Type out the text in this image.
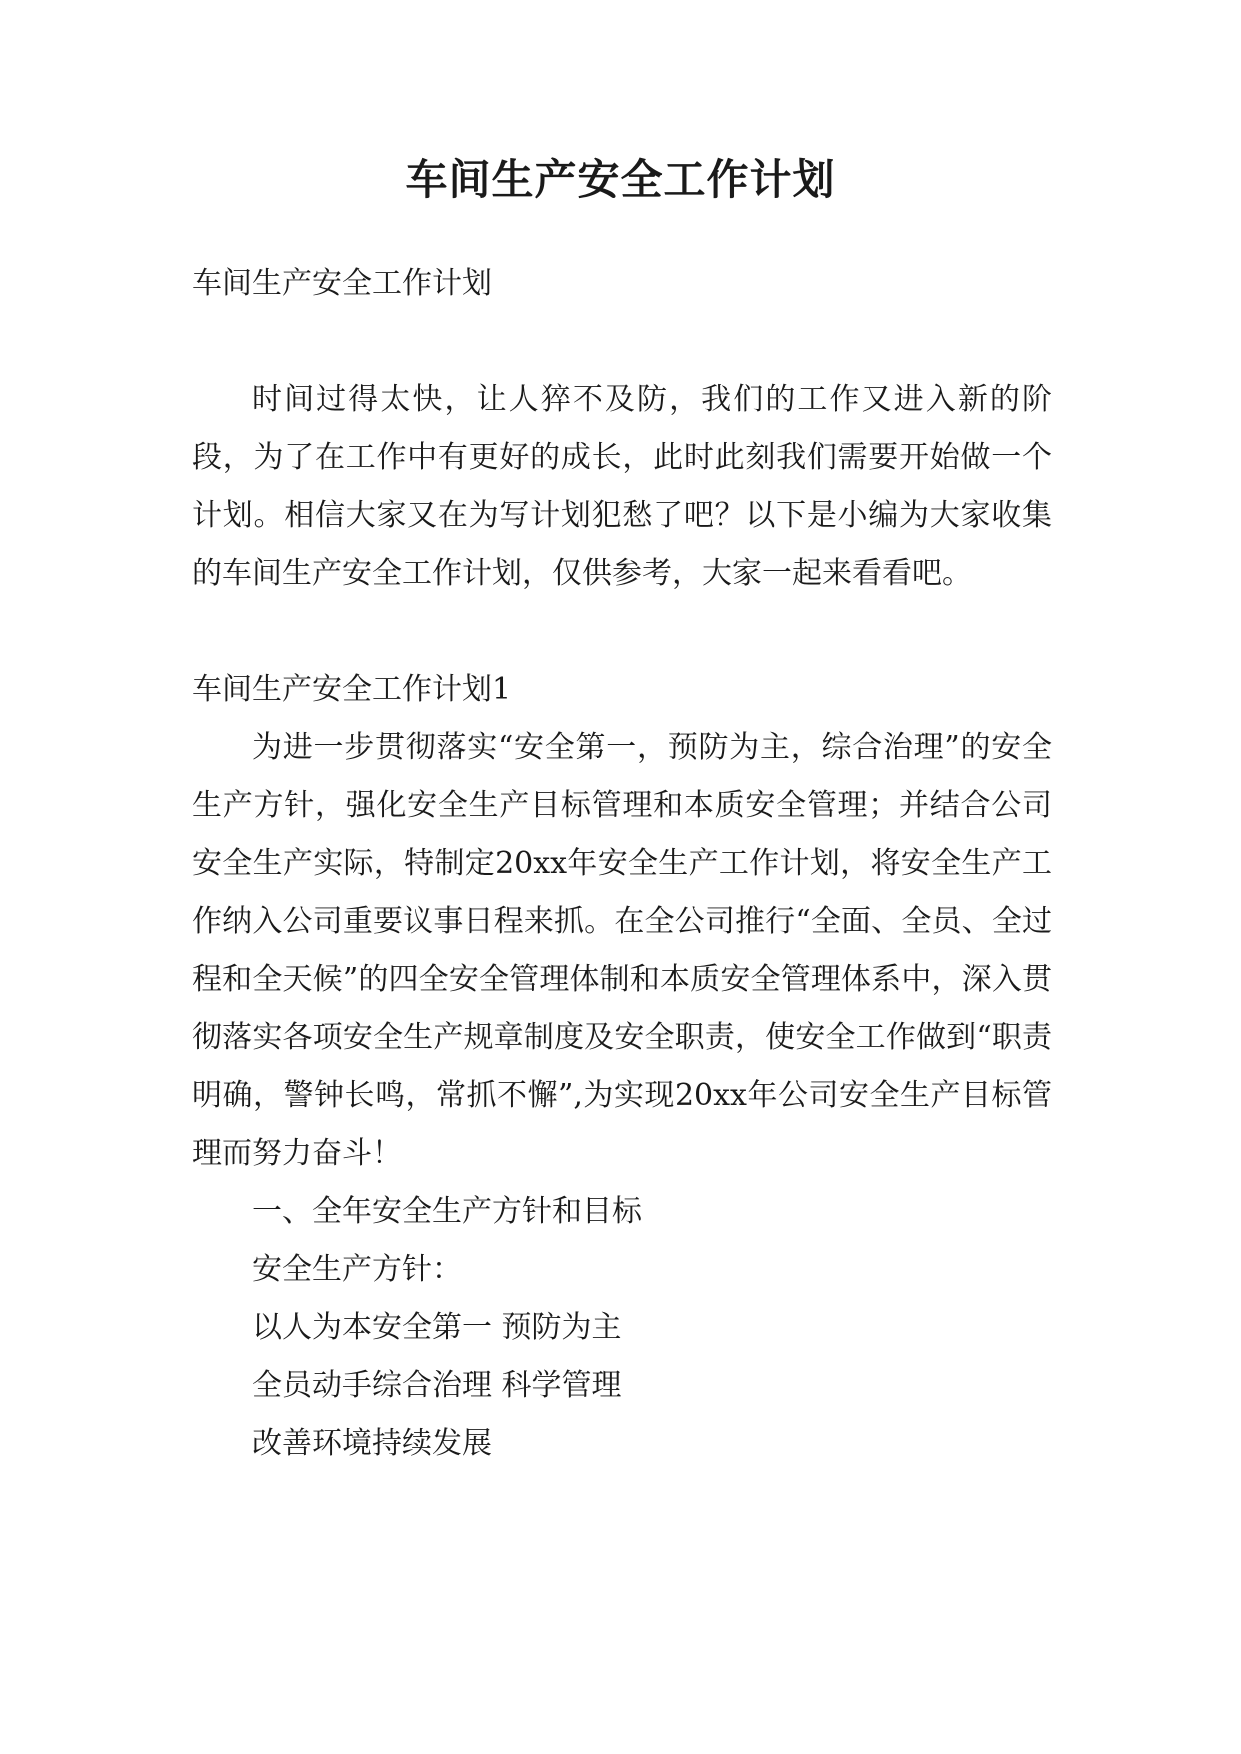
车间生产安全工作计划

车间生产安全工作计划

时间过得太快，让人猝不及防，我们的工作又进入新的阶段，为了在工作中有更好的成长，此时此刻我们需要开始做一个计划。相信大家又在为写计划犯愁了吧？以下是小编为大家收集的车间生产安全工作计划，仅供参考，大家一起来看看吧。

车间生产安全工作计划1

为进一步贯彻落实“安全第一，预防为主，综合治理”的安全生产方针，强化安全生产目标管理和本质安全管理；并结合公司安全生产实际，特制定20xx年安全生产工作计划，将安全生产工作纳入公司重要议事日程来抓。在全公司推行“全面、全员、全过程和全天候”的四全安全管理体制和本质安全管理体系中，深入贯彻落实各项安全生产规章制度及安全职责，使安全工作做到“职责明确，警钟长鸣，常抓不懈”,为实现20xx年公司安全生产目标管理而努力奋斗！

一、全年安全生产方针和目标

安全生产方针：

以人为本安全第一 预防为主

全员动手综合治理 科学管理

改善环境持续发展
